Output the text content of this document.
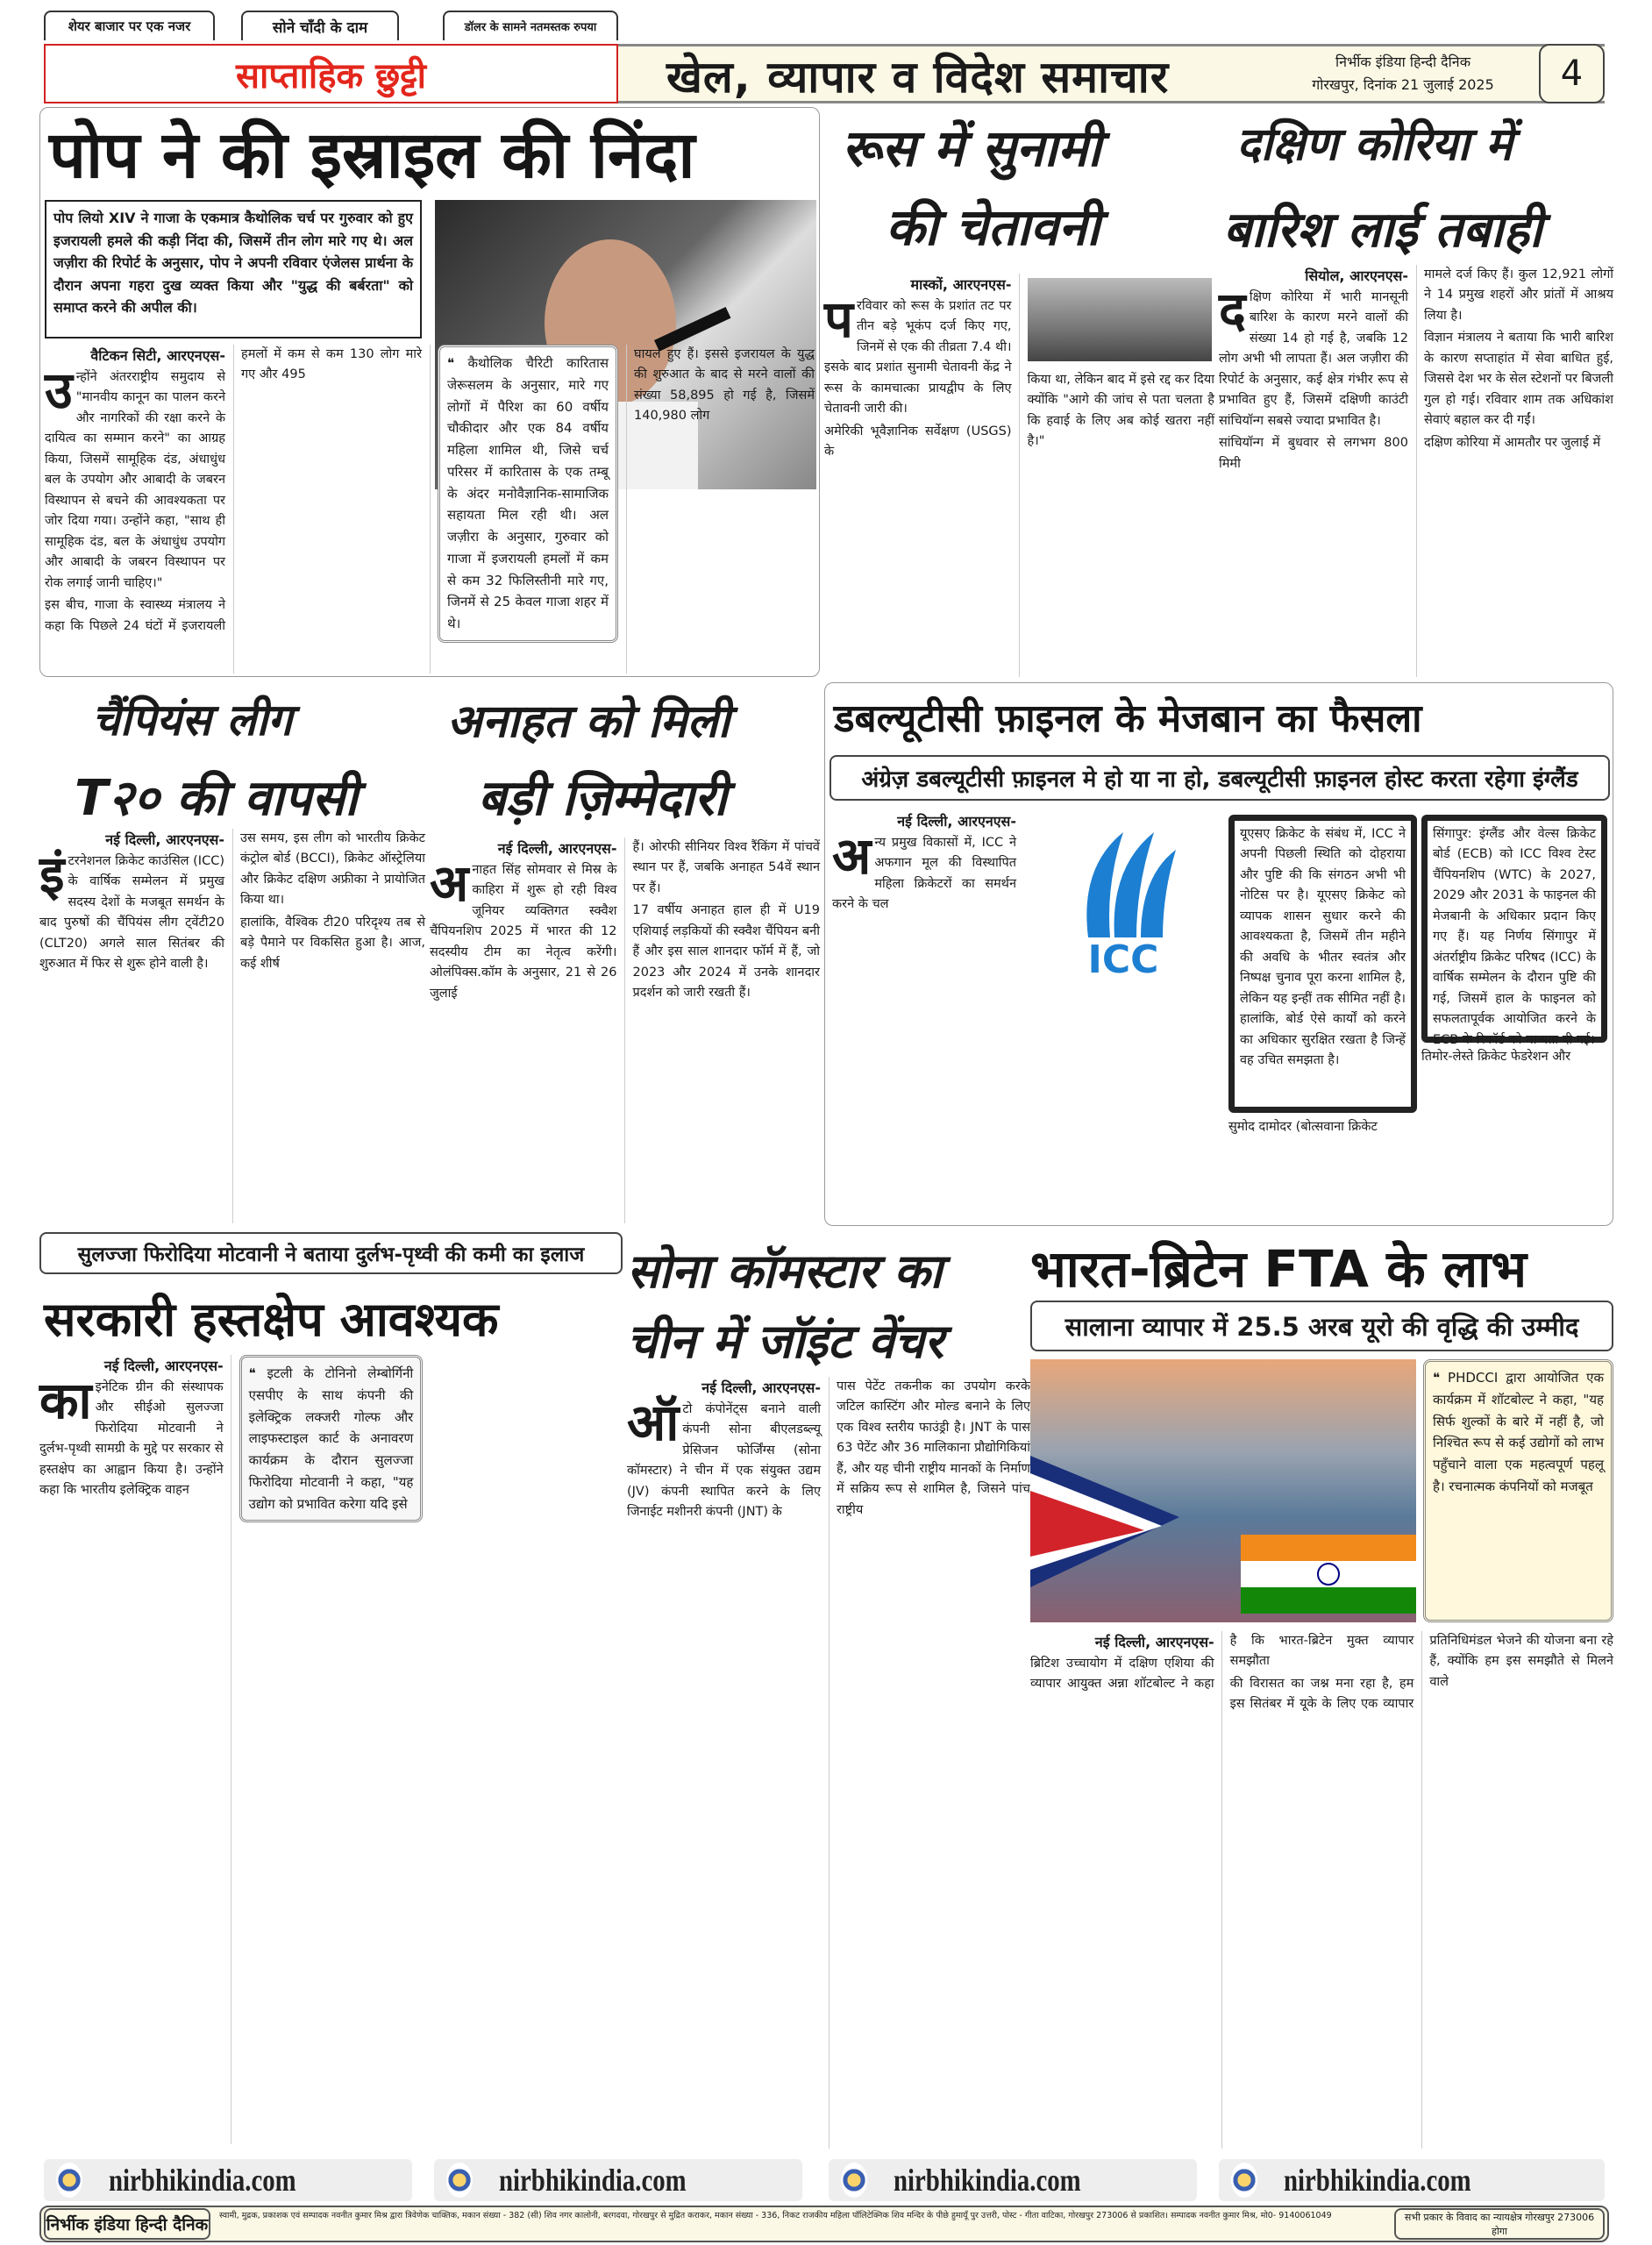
शेयर बाजार पर एक नजर	सोने चाँदी के दाम	डॉलर के सामने नतमस्तक रुपया
साप्ताहिक छुट्टी	खेल, व्यापार व विदेश समाचार	निर्भीक इंडिया हिन्दी दैनिक
गोरखपुर, दिनांक 21 जुलाई 2025	4
पोप ने की इस्राइल की निंदा
पोप लियो XIV ने गाजा के एकमात्र कैथोलिक चर्च पर गुरुवार को हुए इजरायली हमले की कड़ी निंदा की, जिसमें तीन लोग मारे गए थे। अल जज़ीरा की रिपोर्ट के अनुसार, पोप ने अपनी रविवार एंजेलस प्रार्थना के दौरान अपना गहरा दुख व्यक्त किया और "युद्ध की बर्बरता" को समाप्त करने की अपील की।
वैटिकन सिटी, आरएनएस-

उन्होंने अंतरराष्ट्रीय समुदाय से "मानवीय कानून का पालन करने और नागरिकों की रक्षा करने के दायित्व का सम्मान करने" का आग्रह किया, जिसमें सामूहिक दंड, अंधाधुंध बल के उपयोग और आबादी के जबरन विस्थापन से बचने की आवश्यकता पर जोर दिया गया। उन्होंने कहा, "साथ ही सामूहिक दंड, बल के अंधाधुंध उपयोग और आबादी के जबरन विस्थापन पर रोक लगाई जानी चाहिए।"

इस बीच, गाजा के स्वास्थ्य मंत्रालय ने कहा कि पिछले 24 घंटों में इजरायली हमलों में कम से कम 130 लोग मारे गए और 495

❝ कैथोलिक चैरिटी कारितास जेरूसलम के अनुसार, मारे गए लोगों में पैरिश का 60 वर्षीय चौकीदार और एक 84 वर्षीय महिला शामिल थी, जिसे चर्च परिसर में कारितास के एक तम्बू के अंदर मनोवैज्ञानिक-सामाजिक सहायता मिल रही थी। अल जज़ीरा के अनुसार, गुरुवार को गाजा में इजरायली हमलों में कम से कम 32 फिलिस्तीनी मारे गए, जिनमें से 25 केवल गाजा शहर में थे।

घायल हुए हैं। इससे इजरायल के युद्ध की शुरुआत के बाद से मरने वालों की संख्या 58,895 हो गई है, जिसमें 140,980 लोग

रूस में सुनामी
की चेतावनी
मास्कों, आरएनएस-

परविवार को रूस के प्रशांत तट पर तीन बड़े भूकंप दर्ज किए गए, जिनमें से एक की तीव्रता 7.4 थी। इसके बाद प्रशांत सुनामी चेतावनी केंद्र ने रूस के कामचात्का प्रायद्वीप के लिए चेतावनी जारी की।

अमेरिकी भूवैज्ञानिक सर्वेक्षण (USGS) के

किया था, लेकिन बाद में इसे रद्द कर दिया क्योंकि "आगे की जांच से पता चलता है कि हवाई के लिए अब कोई खतरा नहीं है।"

दक्षिण कोरिया में
बारिश लाई तबाही
सियोल, आरएनएस-

दक्षिण कोरिया में भारी मानसूनी बारिश के कारण मरने वालों की संख्या 14 हो गई है, जबकि 12 लोग अभी भी लापता हैं। अल जज़ीरा की रिपोर्ट के अनुसार, कई क्षेत्र गंभीर रूप से प्रभावित हुए हैं, जिसमें दक्षिणी काउंटी सांचियॉन्ग सबसे ज्यादा प्रभावित है।

सांचियॉन्ग में बुधवार से लगभग 800 मिमी

मामले दर्ज किए हैं। कुल 12,921 लोगों ने 14 प्रमुख शहरों और प्रांतों में आश्रय लिया है।

विज्ञान मंत्रालय ने बताया कि भारी बारिश के कारण सप्ताहांत में सेवा बाधित हुई, जिससे देश भर के सेल स्टेशनों पर बिजली गुल हो गई। रविवार शाम तक अधिकांश सेवाएं बहाल कर दी गईं।

दक्षिण कोरिया में आमतौर पर जुलाई में

चैंपियंस लीग
T२० की वापसी
नई दिल्ली, आरएनएस-

इंटरनेशनल क्रिकेट काउंसिल (ICC) के वार्षिक सम्मेलन में प्रमुख सदस्य देशों के मजबूत समर्थन के बाद पुरुषों की चैंपियंस लीग ट्वेंटी20 (CLT20) अगले साल सितंबर की शुरुआत में फिर से शुरू होने वाली है।

उस समय, इस लीग को भारतीय क्रिकेट कंट्रोल बोर्ड (BCCI), क्रिकेट ऑस्ट्रेलिया और क्रिकेट दक्षिण अफ्रीका ने प्रायोजित किया था।

हालांकि, वैश्विक टी20 परिदृश्य तब से बड़े पैमाने पर विकसित हुआ है। आज, कई शीर्ष

अनाहत को मिली
बड़ी ज़िम्मेदारी
नई दिल्ली, आरएनएस-

अनाहत सिंह सोमवार से मिस्र के काहिरा में शुरू हो रही विश्व जूनियर व्यक्तिगत स्क्वैश चैंपियनशिप 2025 में भारत की 12 सदस्यीय टीम का नेतृत्व करेंगी। ओलंपिक्स.कॉम के अनुसार, 21 से 26 जुलाई

हैं। ओरफी सीनियर विश्व रैंकिंग में पांचवें स्थान पर हैं, जबकि अनाहत 54वें स्थान पर हैं।

17 वर्षीय अनाहत हाल ही में U19 एशियाई लड़कियों की स्क्वैश चैंपियन बनी हैं और इस साल शानदार फॉर्म में हैं, जो 2023 और 2024 में उनके शानदार प्रदर्शन को जारी रखती हैं।

डबल्यूटीसी फ़ाइनल के मेजबान का फैसला
अंग्रेज़ डबल्यूटीसी फ़ाइनल मे हो या ना हो, डबल्यूटीसी फ़ाइनल होस्ट करता रहेगा इंग्लैंड
नई दिल्ली, आरएनएस-

अन्य प्रमुख विकासों में, ICC ने अफगान मूल की विस्थापित महिला क्रिकेटरों का समर्थन करने के चल

ICC
यूएसए क्रिकेट के संबंध में, ICC ने अपनी पिछली स्थिति को दोहराया और पुष्टि की कि संगठन अभी भी नोटिस पर है। यूएसए क्रिकेट को व्यापक शासन सुधार करने की आवश्यकता है, जिसमें तीन महीने की अवधि के भीतर स्वतंत्र और निष्पक्ष चुनाव पूरा करना शामिल है, लेकिन यह इन्हीं तक सीमित नहीं है। हालांकि, बोर्ड ऐसे कार्यों को करने का अधिकार सुरक्षित रखता है जिन्हें वह उचित समझता है।
सिंगापुर: इंग्लैंड और वेल्स क्रिकेट बोर्ड (ECB) को ICC विश्व टेस्ट चैंपियनशिप (WTC) के 2027, 2029 और 2031 के फाइनल की मेजबानी के अधिकार प्रदान किए गए हैं। यह निर्णय सिंगापुर में अंतर्राष्ट्रीय क्रिकेट परिषद (ICC) के वार्षिक सम्मेलन के दौरान पुष्टि की गई, जिसमें हाल के फाइनल को सफलतापूर्वक आयोजित करने के ECB के रिकॉर्ड को मान्यता दी गई।
सुमोद दामोदर (बोत्सवाना क्रिकेट
तिमोर-लेस्ते क्रिकेट फेडरेशन और
सुलज्जा फिरोदिया मोटवानी ने बताया दुर्लभ-पृथ्वी की कमी का इलाज
सरकारी हस्तक्षेप आवश्यक
नई दिल्ली, आरएनएस-

काइनेटिक ग्रीन की संस्थापक और सीईओ सुलज्जा फिरोदिया मोटवानी ने दुर्लभ-पृथ्वी सामग्री के मुद्दे पर सरकार से हस्तक्षेप का आह्वान किया है। उन्होंने कहा कि भारतीय इलेक्ट्रिक वाहन

❝ इटली के टोनिनो लेम्बोर्गिनी एसपीए के साथ कंपनी की इलेक्ट्रिक लक्जरी गोल्फ और लाइफस्टाइल कार्ट के अनावरण कार्यक्रम के दौरान सुलज्जा फिरोदिया मोटवानी ने कहा, "यह उद्योग को प्रभावित करेगा यदि इसे
सोना कॉमस्टार का
चीन में जॉइंट वेंचर
नई दिल्ली, आरएनएस-

ऑटो कंपोनेंट्स बनाने वाली कंपनी सोना बीएलडब्ल्यू प्रेसिजन फोर्जिंग्स (सोना कॉमस्टार) ने चीन में एक संयुक्त उद्यम (JV) कंपनी स्थापित करने के लिए जिनाईट मशीनरी कंपनी (JNT) के

पास पेटेंट तकनीक का उपयोग करके जटिल कास्टिंग और मोल्ड बनाने के लिए एक विश्व स्तरीय फाउंड्री है। JNT के पास 63 पेटेंट और 36 मालिकाना प्रौद्योगिकियां हैं, और यह चीनी राष्ट्रीय मानकों के निर्माण में सक्रिय रूप से शामिल है, जिसने पांच राष्ट्रीय

भारत-ब्रिटेन FTA के लाभ
सालाना व्यापार में 25.5 अरब यूरो की वृद्धि की उम्मीद
❝ PHDCCI द्वारा आयोजित एक कार्यक्रम में शॉटबोल्ट ने कहा, "यह सिर्फ शुल्कों के बारे में नहीं है, जो निश्चित रूप से कई उद्योगों को लाभ पहुँचाने वाला एक महत्वपूर्ण पहलू है। रचनात्मक कंपनियों को मजबूत
नई दिल्ली, आरएनएस-

ब्रिटिश उच्चायोग में दक्षिण एशिया की व्यापार आयुक्त अन्ना शॉटबोल्ट ने कहा है कि भारत-ब्रिटेन मुक्त व्यापार समझौता

की विरासत का जश्न मना रहा है, हम इस सितंबर में यूके के लिए एक व्यापार प्रतिनिधिमंडल भेजने की योजना बना रहे हैं, क्योंकि हम इस समझौते से मिलने वाले

nirbhikindia.com	nirbhikindia.com	nirbhikindia.com	nirbhikindia.com
निर्भीक इंडिया हिन्दी दैनिक स्वामी, मुद्रक, प्रकाशक एवं सम्पादक नवनीत कुमार मिश्र द्वारा त्रिवेणेक चाक्तिक, मकान संख्या - 382 (सी) शिव नगर कालोनी, बरगदवा, गोरखपुर से मुद्रित कराकर, मकान संख्या - 336, निकट राजकीय महिला पॉलिटेक्निक शिव मन्दिर के पीछे हुमायूँ पुर उत्तरी, पोस्ट - गीता वाटिका, गोरखपुर 273006 से प्रकाशित। सम्पादक नवनीत कुमार मिश्र, मो0- 9140061049	सभी प्रकार के विवाद का न्यायक्षेत्र गोरखपुर 273006 होगा
